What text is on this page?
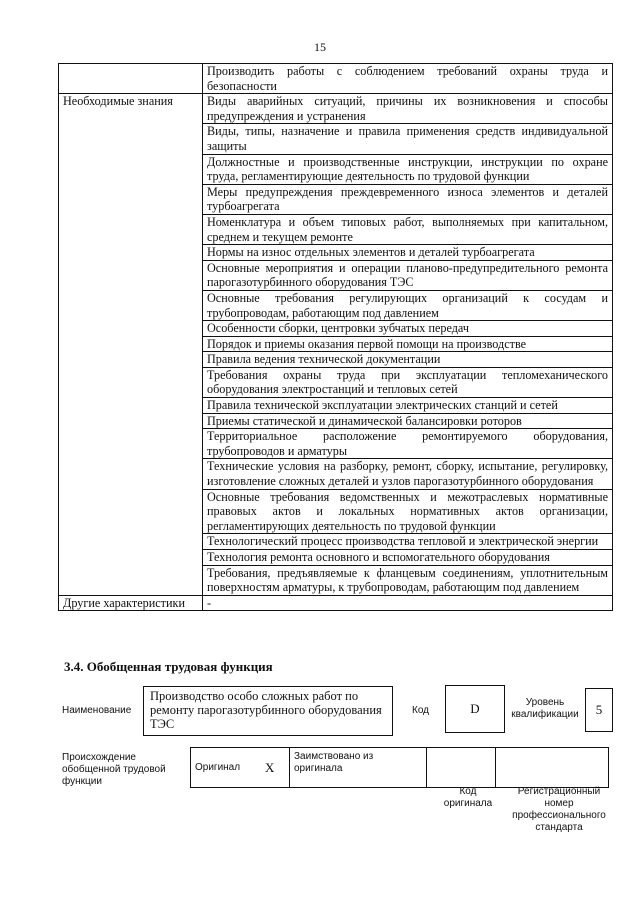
15
	Производить работы с соблюдением требований охраны труда и безопасности
Необходимые знания	Виды аварийных ситуаций, причины их возникновения и способы предупреждения и устранения
	Виды, типы, назначение и правила применения средств индивидуальной защиты
	Должностные и производственные инструкции, инструкции по охране труда, регламентирующие деятельность по трудовой функции
	Меры предупреждения преждевременного износа элементов и деталей турбоагрегата
	Номенклатура и объем типовых работ, выполняемых при капитальном, среднем и текущем ремонте
	Нормы на износ отдельных элементов и деталей турбоагрегата
	Основные мероприятия и операции планово-предупредительного ремонта парогазотурбинного оборудования ТЭС
	Основные требования регулирующих организаций к сосудам и трубопроводам, работающим под давлением
	Особенности сборки, центровки зубчатых передач
	Порядок и приемы оказания первой помощи на производстве
	Правила ведения технической документации
	Требования охраны труда при эксплуатации тепломеханического оборудования электростанций и тепловых сетей
	Правила технической эксплуатации электрических станций и сетей
	Приемы статической и динамической балансировки роторов
	Территориальное расположение ремонтируемого оборудования, трубопроводов и арматуры
	Технические условия на разборку, ремонт, сборку, испытание, регулировку, изготовление сложных деталей и узлов парогазотурбинного оборудования
	Основные требования ведомственных и межотраслевых нормативные правовых актов и локальных нормативных актов организации, регламентирующих деятельность по трудовой функции
	Технологический процесс производства тепловой и электрической энергии
	Технология ремонта основного и вспомогательного оборудования
	Требования, предъявляемые к фланцевым соединениям, уплотнительным поверхностям арматуры, к трубопроводам, работающим под давлением
Другие характеристики	-
3.4. Обобщенная трудовая функция
Наименование
Производство особо сложных работ по ремонту парогазотурбинного оборудования ТЭС
Код	D	Уровень квалификации	5
Происхождение обобщенной трудовой функции
Оригинал	X	Заимствовано из оригинала		
Код оригинала
Регистрационный номер профессионального стандарта
